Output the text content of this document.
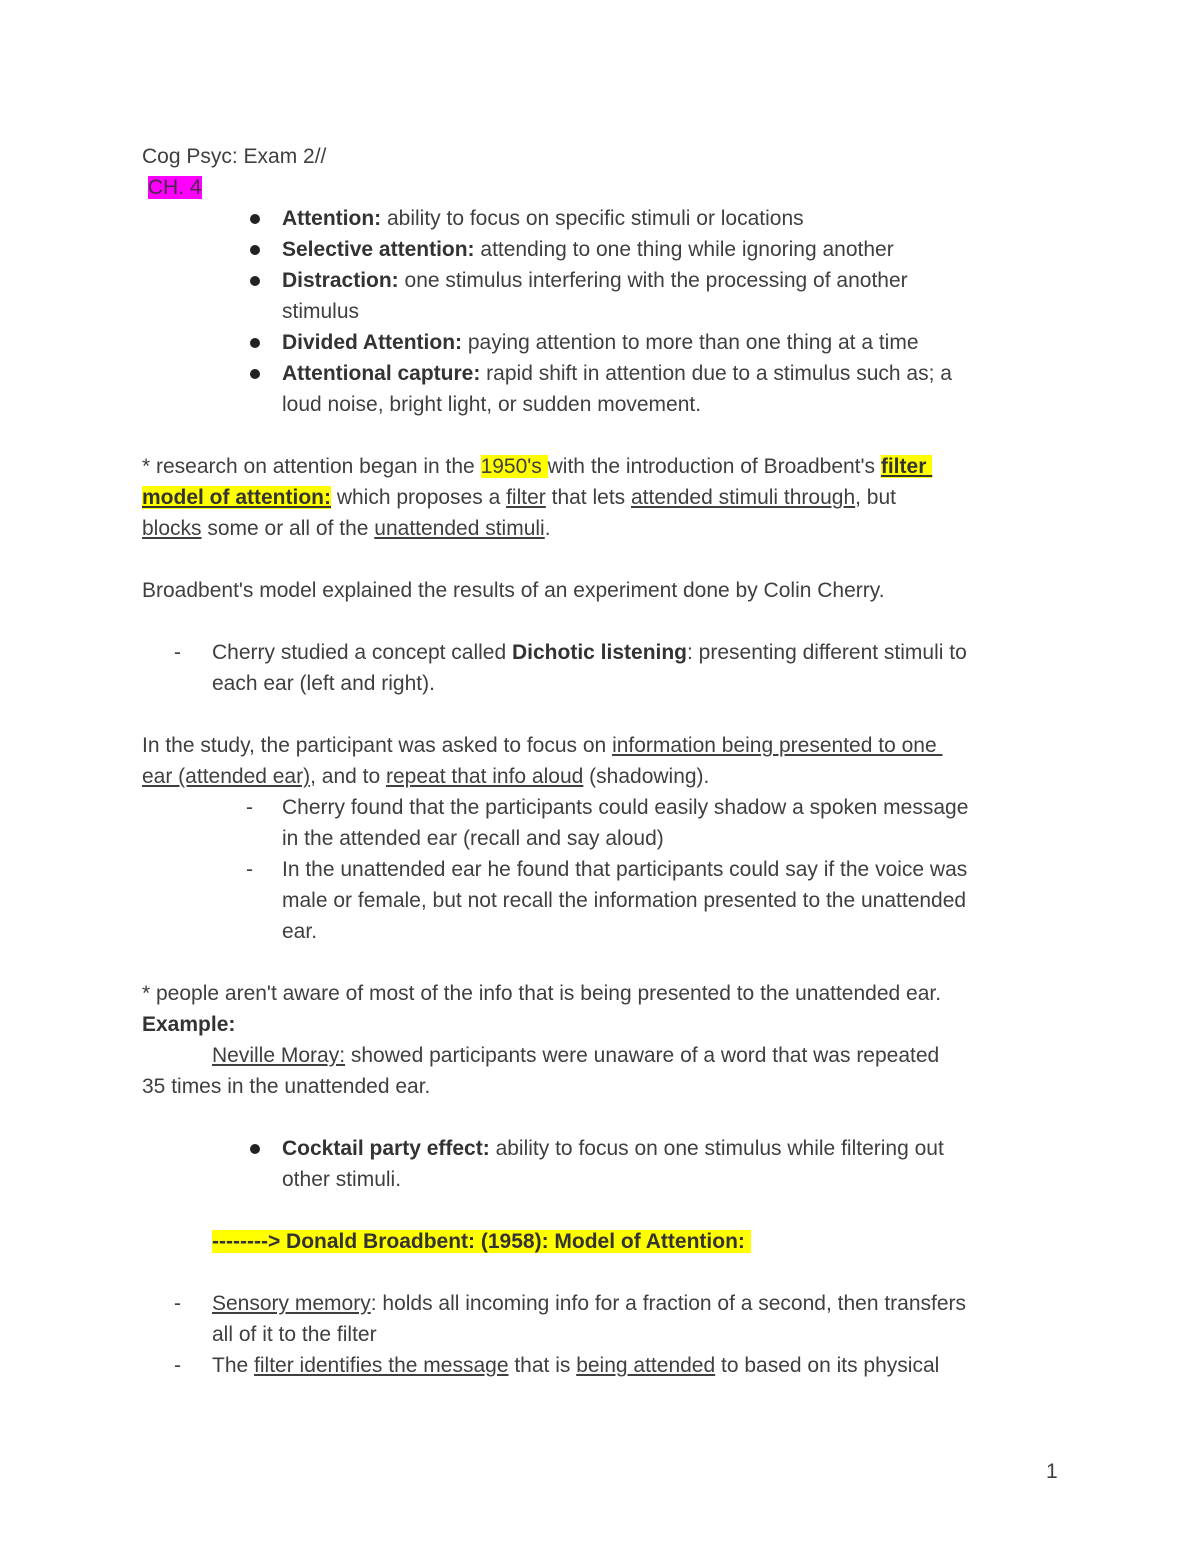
Cog Psyc: Exam 2//
CH. 4
Attention: ability to focus on specific stimuli or locations
Selective attention: attending to one thing while ignoring another
Distraction: one stimulus interfering with the processing of another
stimulus
Divided Attention: paying attention to more than one thing at a time
Attentional capture: rapid shift in attention due to a stimulus such as; a
loud noise, bright light, or sudden movement.
* research on attention began in the 1950's with the introduction of Broadbent's filter
model of attention: which proposes a filter that lets attended stimuli through, but
blocks some or all of the unattended stimuli.
Broadbent's model explained the results of an experiment done by Colin Cherry.
- Cherry studied a concept called Dichotic listening: presenting different stimuli to
each ear (left and right).
In the study, the participant was asked to focus on information being presented to one
ear (attended ear), and to repeat that info aloud (shadowing).
- Cherry found that the participants could easily shadow a spoken message
in the attended ear (recall and say aloud)
- In the unattended ear he found that participants could say if the voice was
male or female, but not recall the information presented to the unattended
ear.
* people aren't aware of most of the info that is being presented to the unattended ear.
Example:
Neville Moray: showed participants were unaware of a word that was repeated
35 times in the unattended ear.
Cocktail party effect: ability to focus on one stimulus while filtering out
other stimuli.
--------> Donald Broadbent: (1958): Model of Attention:
- Sensory memory: holds all incoming info for a fraction of a second, then transfers
all of it to the filter
- The filter identifies the message that is being attended to based on its physical
1
